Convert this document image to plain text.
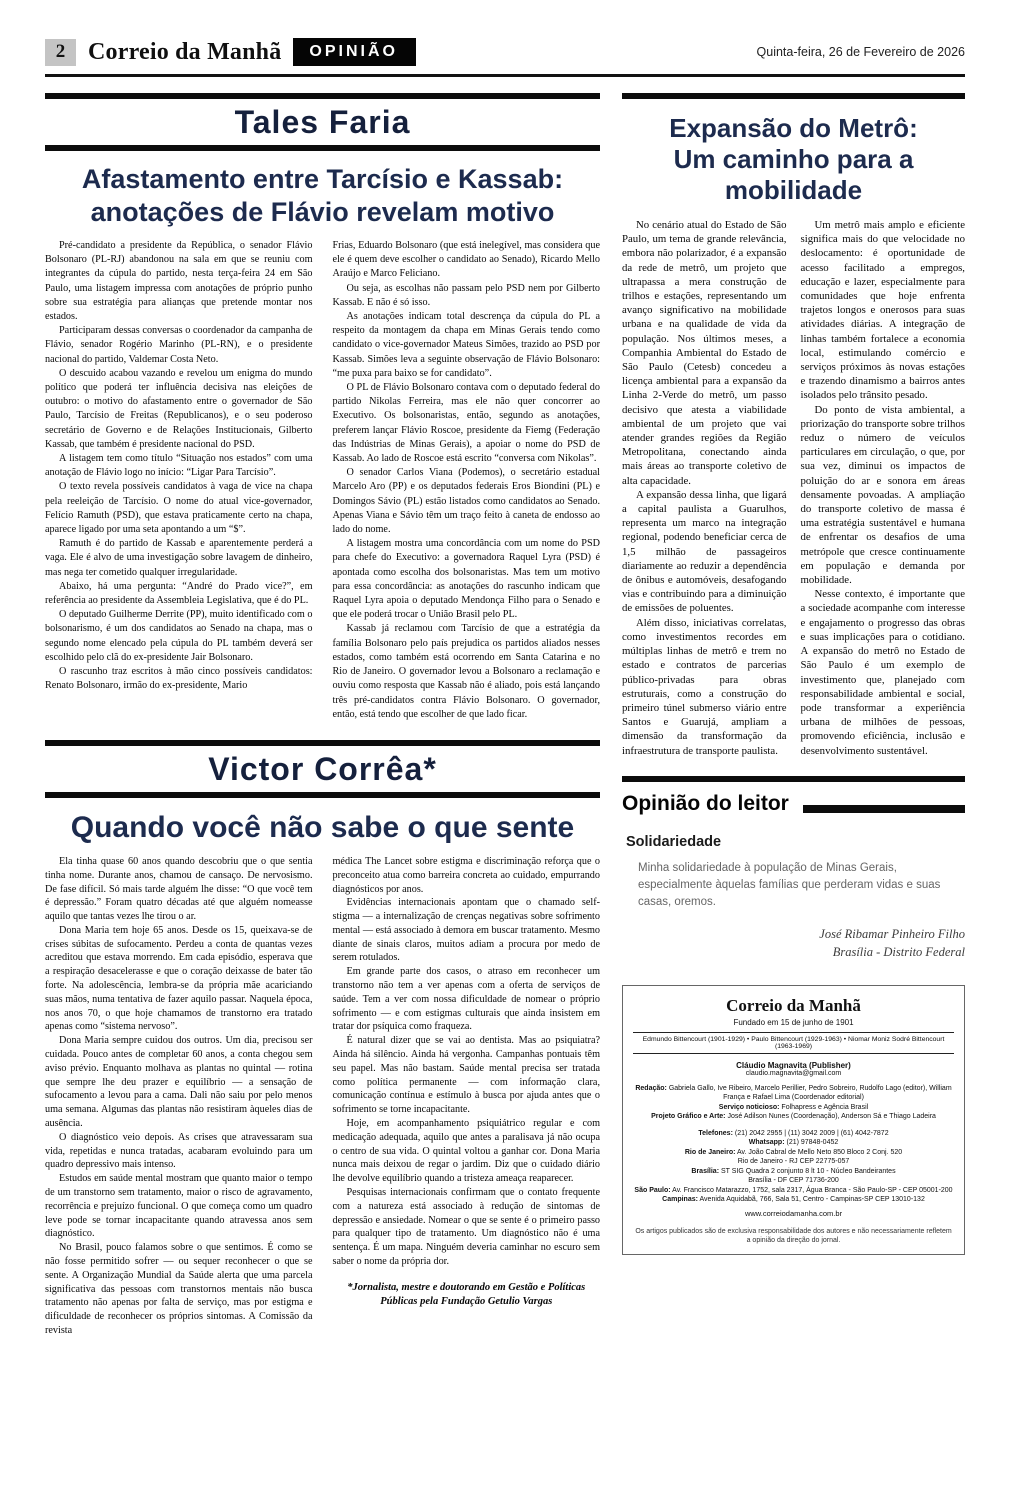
2 Correio da Manhã	OPINIÃO	Quinta-feira, 26 de Fevereiro de 2026
Tales Faria
Afastamento entre Tarcísio e Kassab: anotações de Flávio revelam motivo

Pré-candidato a presidente da República, o senador Flávio Bolsonaro (PL-RJ) abandonou na sala em que se reuniu com integrantes da cúpula do partido, nesta terça-feira 24 em São Paulo, uma listagem impressa com anotações de próprio punho sobre sua estratégia para alianças que pretende montar nos estados.

Participaram dessas conversas o coordenador da campanha de Flávio, senador Rogério Marinho (PL-RN), e o presidente nacional do partido, Valdemar Costa Neto.

O descuido acabou vazando e revelou um enigma do mundo político que poderá ter influência decisiva nas eleições de outubro: o motivo do afastamento entre o governador de São Paulo, Tarcísio de Freitas (Republicanos), e o seu poderoso secretário de Governo e de Relações Institucionais, Gilberto Kassab, que também é presidente nacional do PSD.

A listagem tem como título “Situação nos estados” com uma anotação de Flávio logo no início: “Ligar Para Tarcísio”.

O texto revela possíveis candidatos à vaga de vice na chapa pela reeleição de Tarcísio. O nome do atual vice-governador, Felício Ramuth (PSD), que estava praticamente certo na chapa, aparece ligado por uma seta apontando a um “$”.

Ramuth é do partido de Kassab e aparentemente perderá a vaga. Ele é alvo de uma investigação sobre lavagem de dinheiro, mas nega ter cometido qualquer irregularidade.

Abaixo, há uma pergunta: “André do Prado vice?”, em referência ao presidente da Assembleia Legislativa, que é do PL.

O deputado Guilherme Derrite (PP), muito identificado com o bolsonarismo, é um dos candidatos ao Senado na chapa, mas o segundo nome elencado pela cúpula do PL também deverá ser escolhido pelo clã do ex-presidente Jair Bolsonaro.

O rascunho traz escritos à mão cinco possíveis candidatos: Renato Bolsonaro, irmão do ex-presidente, Mario

Frias, Eduardo Bolsonaro (que está inelegível, mas considera que ele é quem deve escolher o candidato ao Senado), Ricardo Mello Araújo e Marco Feliciano.

Ou seja, as escolhas não passam pelo PSD nem por Gilberto Kassab. E não é só isso.

As anotações indicam total descrença da cúpula do PL a respeito da montagem da chapa em Minas Gerais tendo como candidato o vice-governador Mateus Simões, trazido ao PSD por Kassab. Simões leva a seguinte observação de Flávio Bolsonaro: “me puxa para baixo se for candidato”.

O PL de Flávio Bolsonaro contava com o deputado federal do partido Nikolas Ferreira, mas ele não quer concorrer ao Executivo. Os bolsonaristas, então, segundo as anotações, preferem lançar Flávio Roscoe, presidente da Fiemg (Federação das Indústrias de Minas Gerais), a apoiar o nome do PSD de Kassab. Ao lado de Roscoe está escrito “conversa com Nikolas”.

O senador Carlos Viana (Podemos), o secretário estadual Marcelo Aro (PP) e os deputados federais Eros Biondini (PL) e Domingos Sávio (PL) estão listados como candidatos ao Senado. Apenas Viana e Sávio têm um traço feito à caneta de endosso ao lado do nome.

A listagem mostra uma concordância com um nome do PSD para chefe do Executivo: a governadora Raquel Lyra (PSD) é apontada como escolha dos bolsonaristas. Mas tem um motivo para essa concordância: as anotações do rascunho indicam que Raquel Lyra apoia o deputado Mendonça Filho para o Senado e que ele poderá trocar o União Brasil pelo PL.

Kassab já reclamou com Tarcísio de que a estratégia da família Bolsonaro pelo país prejudica os partidos aliados nesses estados, como também está ocorrendo em Santa Catarina e no Rio de Janeiro. O governador levou a Bolsonaro a reclamação e ouviu como resposta que Kassab não é aliado, pois está lançando três pré-candidatos contra Flávio Bolsonaro. O governador, então, está tendo que escolher de que lado ficar.

Victor Corrêa*
Quando você não sabe o que sente

Ela tinha quase 60 anos quando descobriu que o que sentia tinha nome. Durante anos, chamou de cansaço. De nervosismo. De fase difícil. Só mais tarde alguém lhe disse: “O que você tem é depressão.” Foram quatro décadas até que alguém nomeasse aquilo que tantas vezes lhe tirou o ar.

Dona Maria tem hoje 65 anos. Desde os 15, queixava-se de crises súbitas de sufocamento. Perdeu a conta de quantas vezes acreditou que estava morrendo. Em cada episódio, esperava que a respiração desacelerasse e que o coração deixasse de bater tão forte. Na adolescência, lembra-se da própria mãe acariciando suas mãos, numa tentativa de fazer aquilo passar. Naquela época, nos anos 70, o que hoje chamamos de transtorno era tratado apenas como “sistema nervoso”.

Dona Maria sempre cuidou dos outros. Um dia, precisou ser cuidada. Pouco antes de completar 60 anos, a conta chegou sem aviso prévio. Enquanto molhava as plantas no quintal — rotina que sempre lhe deu prazer e equilíbrio — a sensação de sufocamento a levou para a cama. Dali não saiu por pelo menos uma semana. Algumas das plantas não resistiram àqueles dias de ausência.

O diagnóstico veio depois. As crises que atravessaram sua vida, repetidas e nunca tratadas, acabaram evoluindo para um quadro depressivo mais intenso.

Estudos em saúde mental mostram que quanto maior o tempo de um transtorno sem tratamento, maior o risco de agravamento, recorrência e prejuízo funcional. O que começa como um quadro leve pode se tornar incapacitante quando atravessa anos sem diagnóstico.

No Brasil, pouco falamos sobre o que sentimos. É como se não fosse permitido sofrer — ou sequer reconhecer o que se sente. A Organização Mundial da Saúde alerta que uma parcela significativa das pessoas com transtornos mentais não busca tratamento não apenas por falta de serviço, mas por estigma e dificuldade de reconhecer os próprios sintomas. A Comissão da revista

médica The Lancet sobre estigma e discriminação reforça que o preconceito atua como barreira concreta ao cuidado, empurrando diagnósticos por anos.

Evidências internacionais apontam que o chamado self-stigma — a internalização de crenças negativas sobre sofrimento mental — está associado à demora em buscar tratamento. Mesmo diante de sinais claros, muitos adiam a procura por medo de serem rotulados.

Em grande parte dos casos, o atraso em reconhecer um transtorno não tem a ver apenas com a oferta de serviços de saúde. Tem a ver com nossa dificuldade de nomear o próprio sofrimento — e com estigmas culturais que ainda insistem em tratar dor psíquica como fraqueza.

É natural dizer que se vai ao dentista. Mas ao psiquiatra? Ainda há silêncio. Ainda há vergonha. Campanhas pontuais têm seu papel. Mas não bastam. Saúde mental precisa ser tratada como política permanente — com informação clara, comunicação contínua e estímulo à busca por ajuda antes que o sofrimento se torne incapacitante.

Hoje, em acompanhamento psiquiátrico regular e com medicação adequada, aquilo que antes a paralisava já não ocupa o centro de sua vida. O quintal voltou a ganhar cor. Dona Maria nunca mais deixou de regar o jardim. Diz que o cuidado diário lhe devolve equilíbrio quando a tristeza ameaça reaparecer.

Pesquisas internacionais confirmam que o contato frequente com a natureza está associado à redução de sintomas de depressão e ansiedade. Nomear o que se sente é o primeiro passo para qualquer tipo de tratamento. Um diagnóstico não é uma sentença. É um mapa. Ninguém deveria caminhar no escuro sem saber o nome da própria dor.

*Jornalista, mestre e doutorando em Gestão e Políticas Públicas pela Fundação Getulio Vargas

Expansão do Metrô: Um caminho para a mobilidade

No cenário atual do Estado de São Paulo, um tema de grande relevância, embora não polarizador, é a expansão da rede de metrô, um projeto que ultrapassa a mera construção de trilhos e estações, representando um avanço significativo na mobilidade urbana e na qualidade de vida da população. Nos últimos meses, a Companhia Ambiental do Estado de São Paulo (Cetesb) concedeu a licença ambiental para a expansão da Linha 2-Verde do metrô, um passo decisivo que atesta a viabilidade ambiental de um projeto que vai atender grandes regiões da Região Metropolitana, conectando ainda mais áreas ao transporte coletivo de alta capacidade.

A expansão dessa linha, que ligará a capital paulista a Guarulhos, representa um marco na integração regional, podendo beneficiar cerca de 1,5 milhão de passageiros diariamente ao reduzir a dependência de ônibus e automóveis, desafogando vias e contribuindo para a diminuição de emissões de poluentes.

Além disso, iniciativas correlatas, como investimentos recordes em múltiplas linhas de metrô e trem no estado e contratos de parcerias público-privadas para obras estruturais, como a construção do primeiro túnel submerso viário entre Santos e Guarujá, ampliam a dimensão da transformação da infraestrutura de transporte paulista.

Um metrô mais amplo e eficiente significa mais do que velocidade no deslocamento: é oportunidade de acesso facilitado a empregos, educação e lazer, especialmente para comunidades que hoje enfrenta trajetos longos e onerosos para suas atividades diárias. A integração de linhas também fortalece a economia local, estimulando comércio e serviços próximos às novas estações e trazendo dinamismo a bairros antes isolados pelo trânsito pesado.

Do ponto de vista ambiental, a priorização do transporte sobre trilhos reduz o número de veículos particulares em circulação, o que, por sua vez, diminui os impactos de poluição do ar e sonora em áreas densamente povoadas. A ampliação do transporte coletivo de massa é uma estratégia sustentável e humana de enfrentar os desafios de uma metrópole que cresce continuamente em população e demanda por mobilidade.

Nesse contexto, é importante que a sociedade acompanhe com interesse e engajamento o progresso das obras e suas implicações para o cotidiano. A expansão do metrô no Estado de São Paulo é um exemplo de investimento que, planejado com responsabilidade ambiental e social, pode transformar a experiência urbana de milhões de pessoas, promovendo eficiência, inclusão e desenvolvimento sustentável.

Opinião do leitor
Solidariedade

Minha solidariedade à população de Minas Gerais, especialmente àquelas famílias que perderam vidas e suas casas, oremos.

José Ribamar Pinheiro Filho
Brasília - Distrito Federal
Correio da Manhã
Fundado em 15 de junho de 1901
Edmundo Bittencourt (1901-1929) • Paulo Bittencourt (1929-1963) • Niomar Moniz Sodré Bittencourt (1963-1969)
Cláudio Magnavita (Publisher)
claudio.magnavita@gmail.com

Redação: Gabriela Gallo, Ive Ribeiro, Marcelo Perillier, Pedro Sobreiro, Rudolfo Lago (editor), William França e Rafael Lima (Coordenador editorial)

Serviço noticioso: Folhapress e Agência Brasil

Projeto Gráfico e Arte: José Adilson Nunes (Coordenação), Anderson Sá e Thiago Ladeira

Telefones: (21) 2042 2955 | (11) 3042 2009 | (61) 4042-7872

Whatsapp: (21) 97848-0452

Rio de Janeiro: Av. João Cabral de Mello Neto 850 Bloco 2 Conj. 520

Rio de Janeiro - RJ CEP 22775-057

Brasília: ST SIG Quadra 2 conjunto 8 lt 10 - Núcleo Bandeirantes

Brasília - DF CEP 71736-200

São Paulo: Av. Francisco Matarazzo, 1752, sala 2317, Água Branca - São Paulo-SP - CEP 05001-200

Campinas: Avenida Aquidabã, 766, Sala 51, Centro - Campinas-SP CEP 13010-132

www.correiodamanha.com.br

Os artigos publicados são de exclusiva responsabilidade dos autores e não necessariamente refletem a opinião da direção do jornal.
